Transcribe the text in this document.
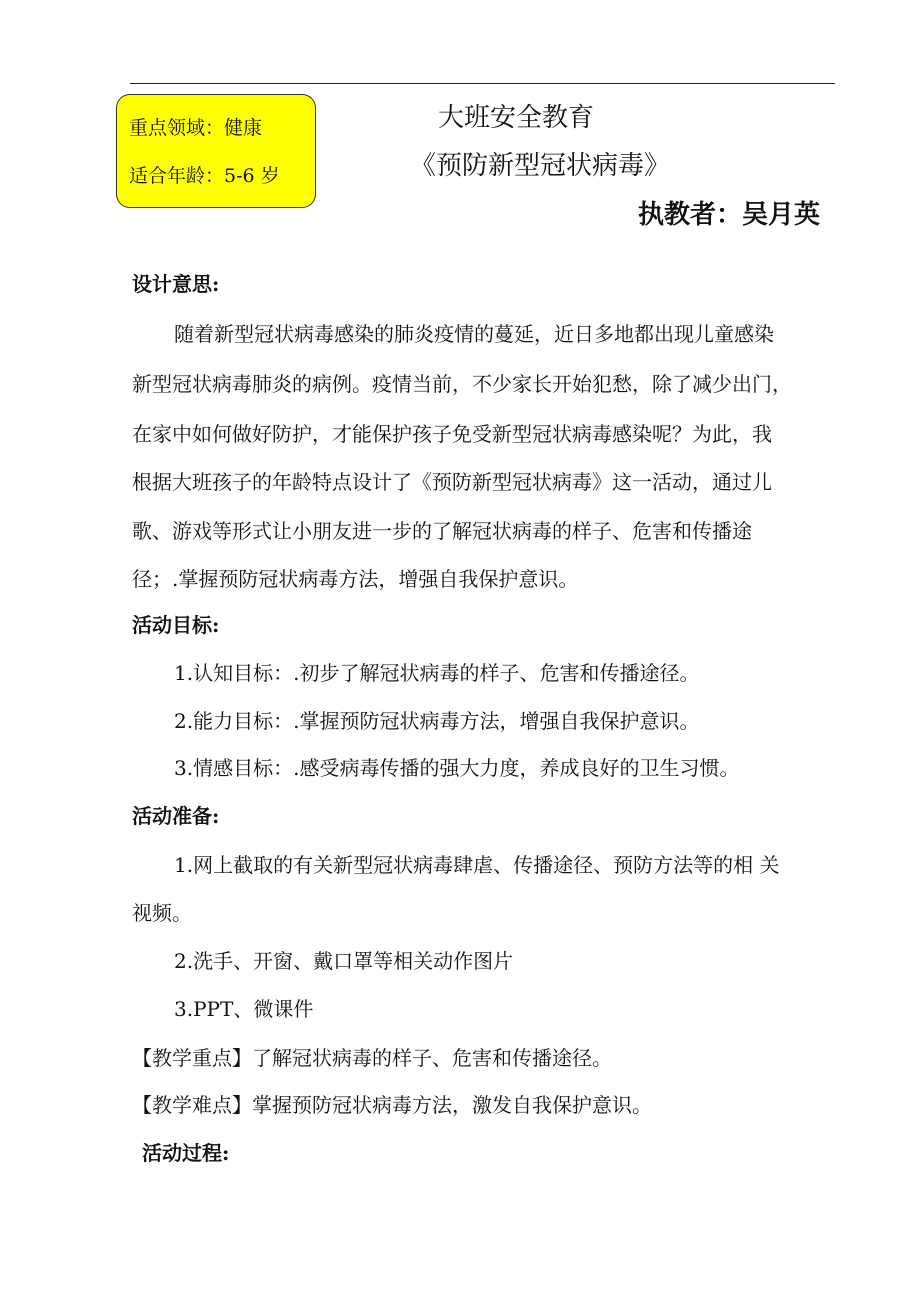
重点领域：健康
适合年龄：5-6 岁
大班安全教育
《预防新型冠状病毒》
执教者：吴月英
设计意思:
随着新型冠状病毒感染的肺炎疫情的蔓延，近日多地都出现儿童感染
新型冠状病毒肺炎的病例。疫情当前，不少家长开始犯愁，除了减少出门，
在家中如何做好防护，才能保护孩子免受新型冠状病毒感染呢？为此，我
根据大班孩子的年龄特点设计了《预防新型冠状病毒》这一活动，通过儿
歌、游戏等形式让小朋友进一步的了解冠状病毒的样子、危害和传播途
径；.掌握预防冠状病毒方法，增强自我保护意识。
活动目标:
1.认知目标：.初步了解冠状病毒的样子、危害和传播途径。
2.能力目标：.掌握预防冠状病毒方法，增强自我保护意识。
3.情感目标：.感受病毒传播的强大力度，养成良好的卫生习惯。
活动准备:
1.网上截取的有关新型冠状病毒肆虐、传播途径、预防方法等的相 关
视频。
2.洗手、开窗、戴口罩等相关动作图片
3.PPT、微课件
【教学重点】了解冠状病毒的样子、危害和传播途径。
【教学难点】掌握预防冠状病毒方法，激发自我保护意识。
活动过程:
